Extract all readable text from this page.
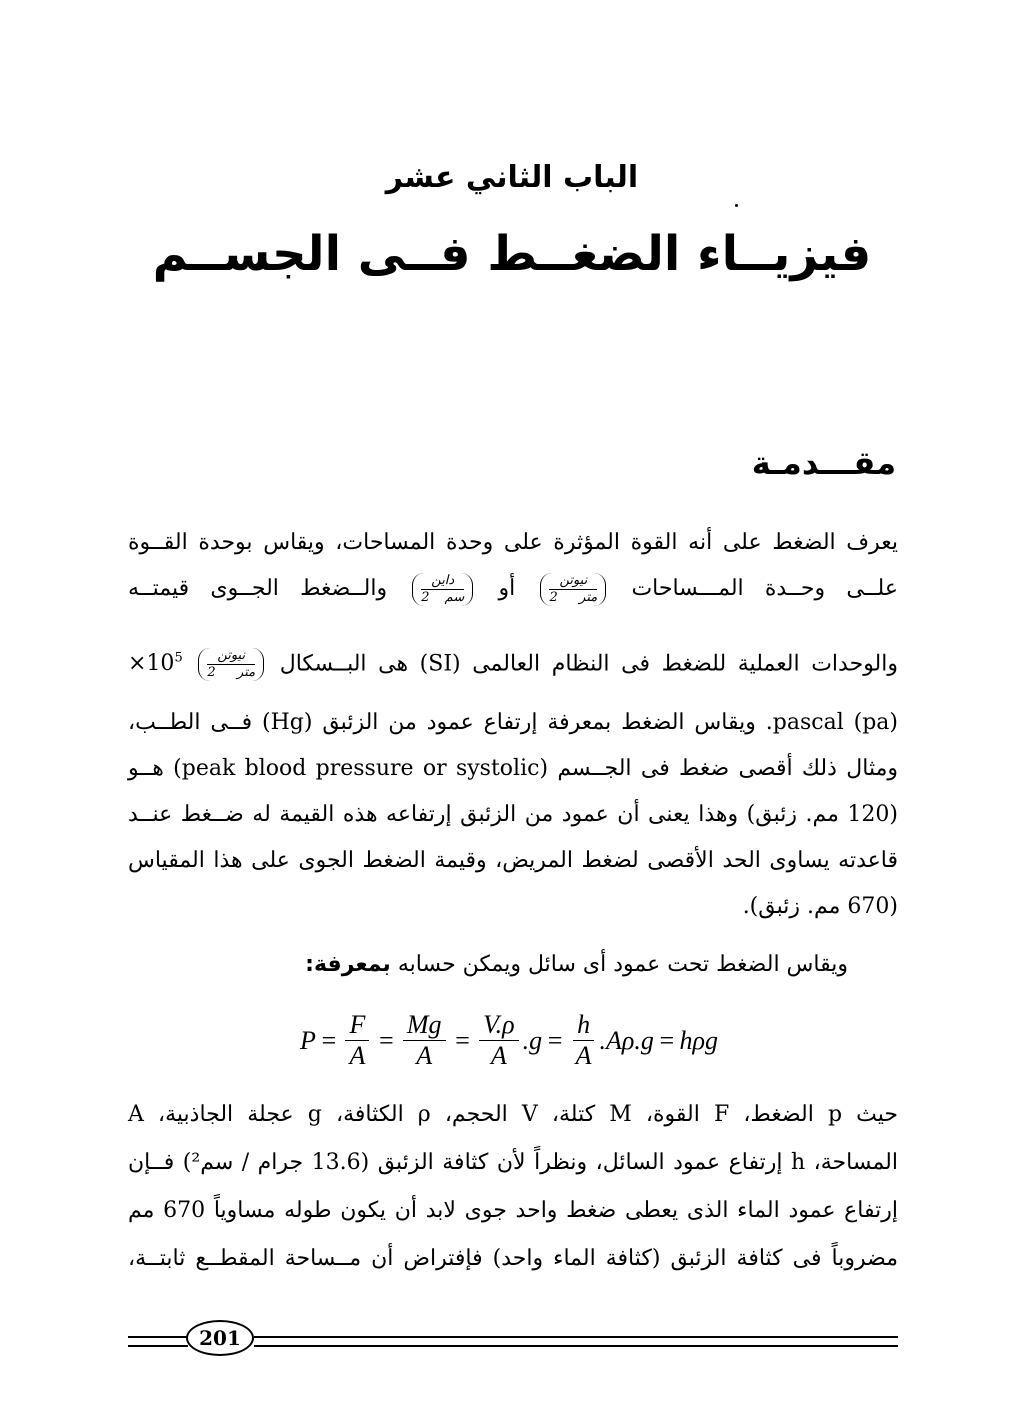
الباب الثاني عشر
فيزيــاء الضغــط فــى الجســم
مقـــدمـة
يعرف الضغط على أنه القوة المؤثرة على وحدة المساحات، ويقاس بوحدة القــوة
علــى وحــدة المـــساحات
$\frac{\text{نيوتن}}{\text{متر 2}}$
أو
$\frac{\text{داين}}{\text{سم 2}}$
والــضغط الجــوى قيمتــه
والوحدات العملية للضغط فى النظام العالمى (SI) هى البــسكال
$\frac{\text{نيوتن}}{\text{متر 2}}$
$\times 10^5$
pascal (pa). ويقاس الضغط بمعرفة إرتفاع عمود من الزئبق (Hg) فــى الطــب،
ومثال ذلك أقصى ضغط فى الجــسم (peak blood pressure or systolic) هــو
(120 مم. زئبق) وهذا يعنى أن عمود من الزئبق إرتفاعه هذه القيمة له ضــغط عنــد
قاعدته يساوى الحد الأقصى لضغط المريض، وقيمة الضغط الجوى على هذا المقياس
(670 مم. زئبق).
ويقاس الضغط تحت عمود أى سائل ويمكن حسابه بمعرفة:
$P = \frac{F}{A} = \frac{Mg}{A} = \frac{V.\rho}{A} .g = \frac{h}{A} .A\rho.g = h\rho g$
حيث p الضغط، F القوة، M كتلة، V الحجم، ρ الكثافة، g عجلة الجاذبية، A
المساحة، h إرتفاع عمود السائل، ونظراً لأن كثافة الزئبق (13.6 جرام / سم²) فــإن
إرتفاع عمود الماء الذى يعطى ضغط واحد جوى لابد أن يكون طوله مساوياً 670 مم
مضروباً فى كثافة الزئبق (كثافة الماء واحد) فإفتراض أن مــساحة المقطــع ثابتــة،
201
